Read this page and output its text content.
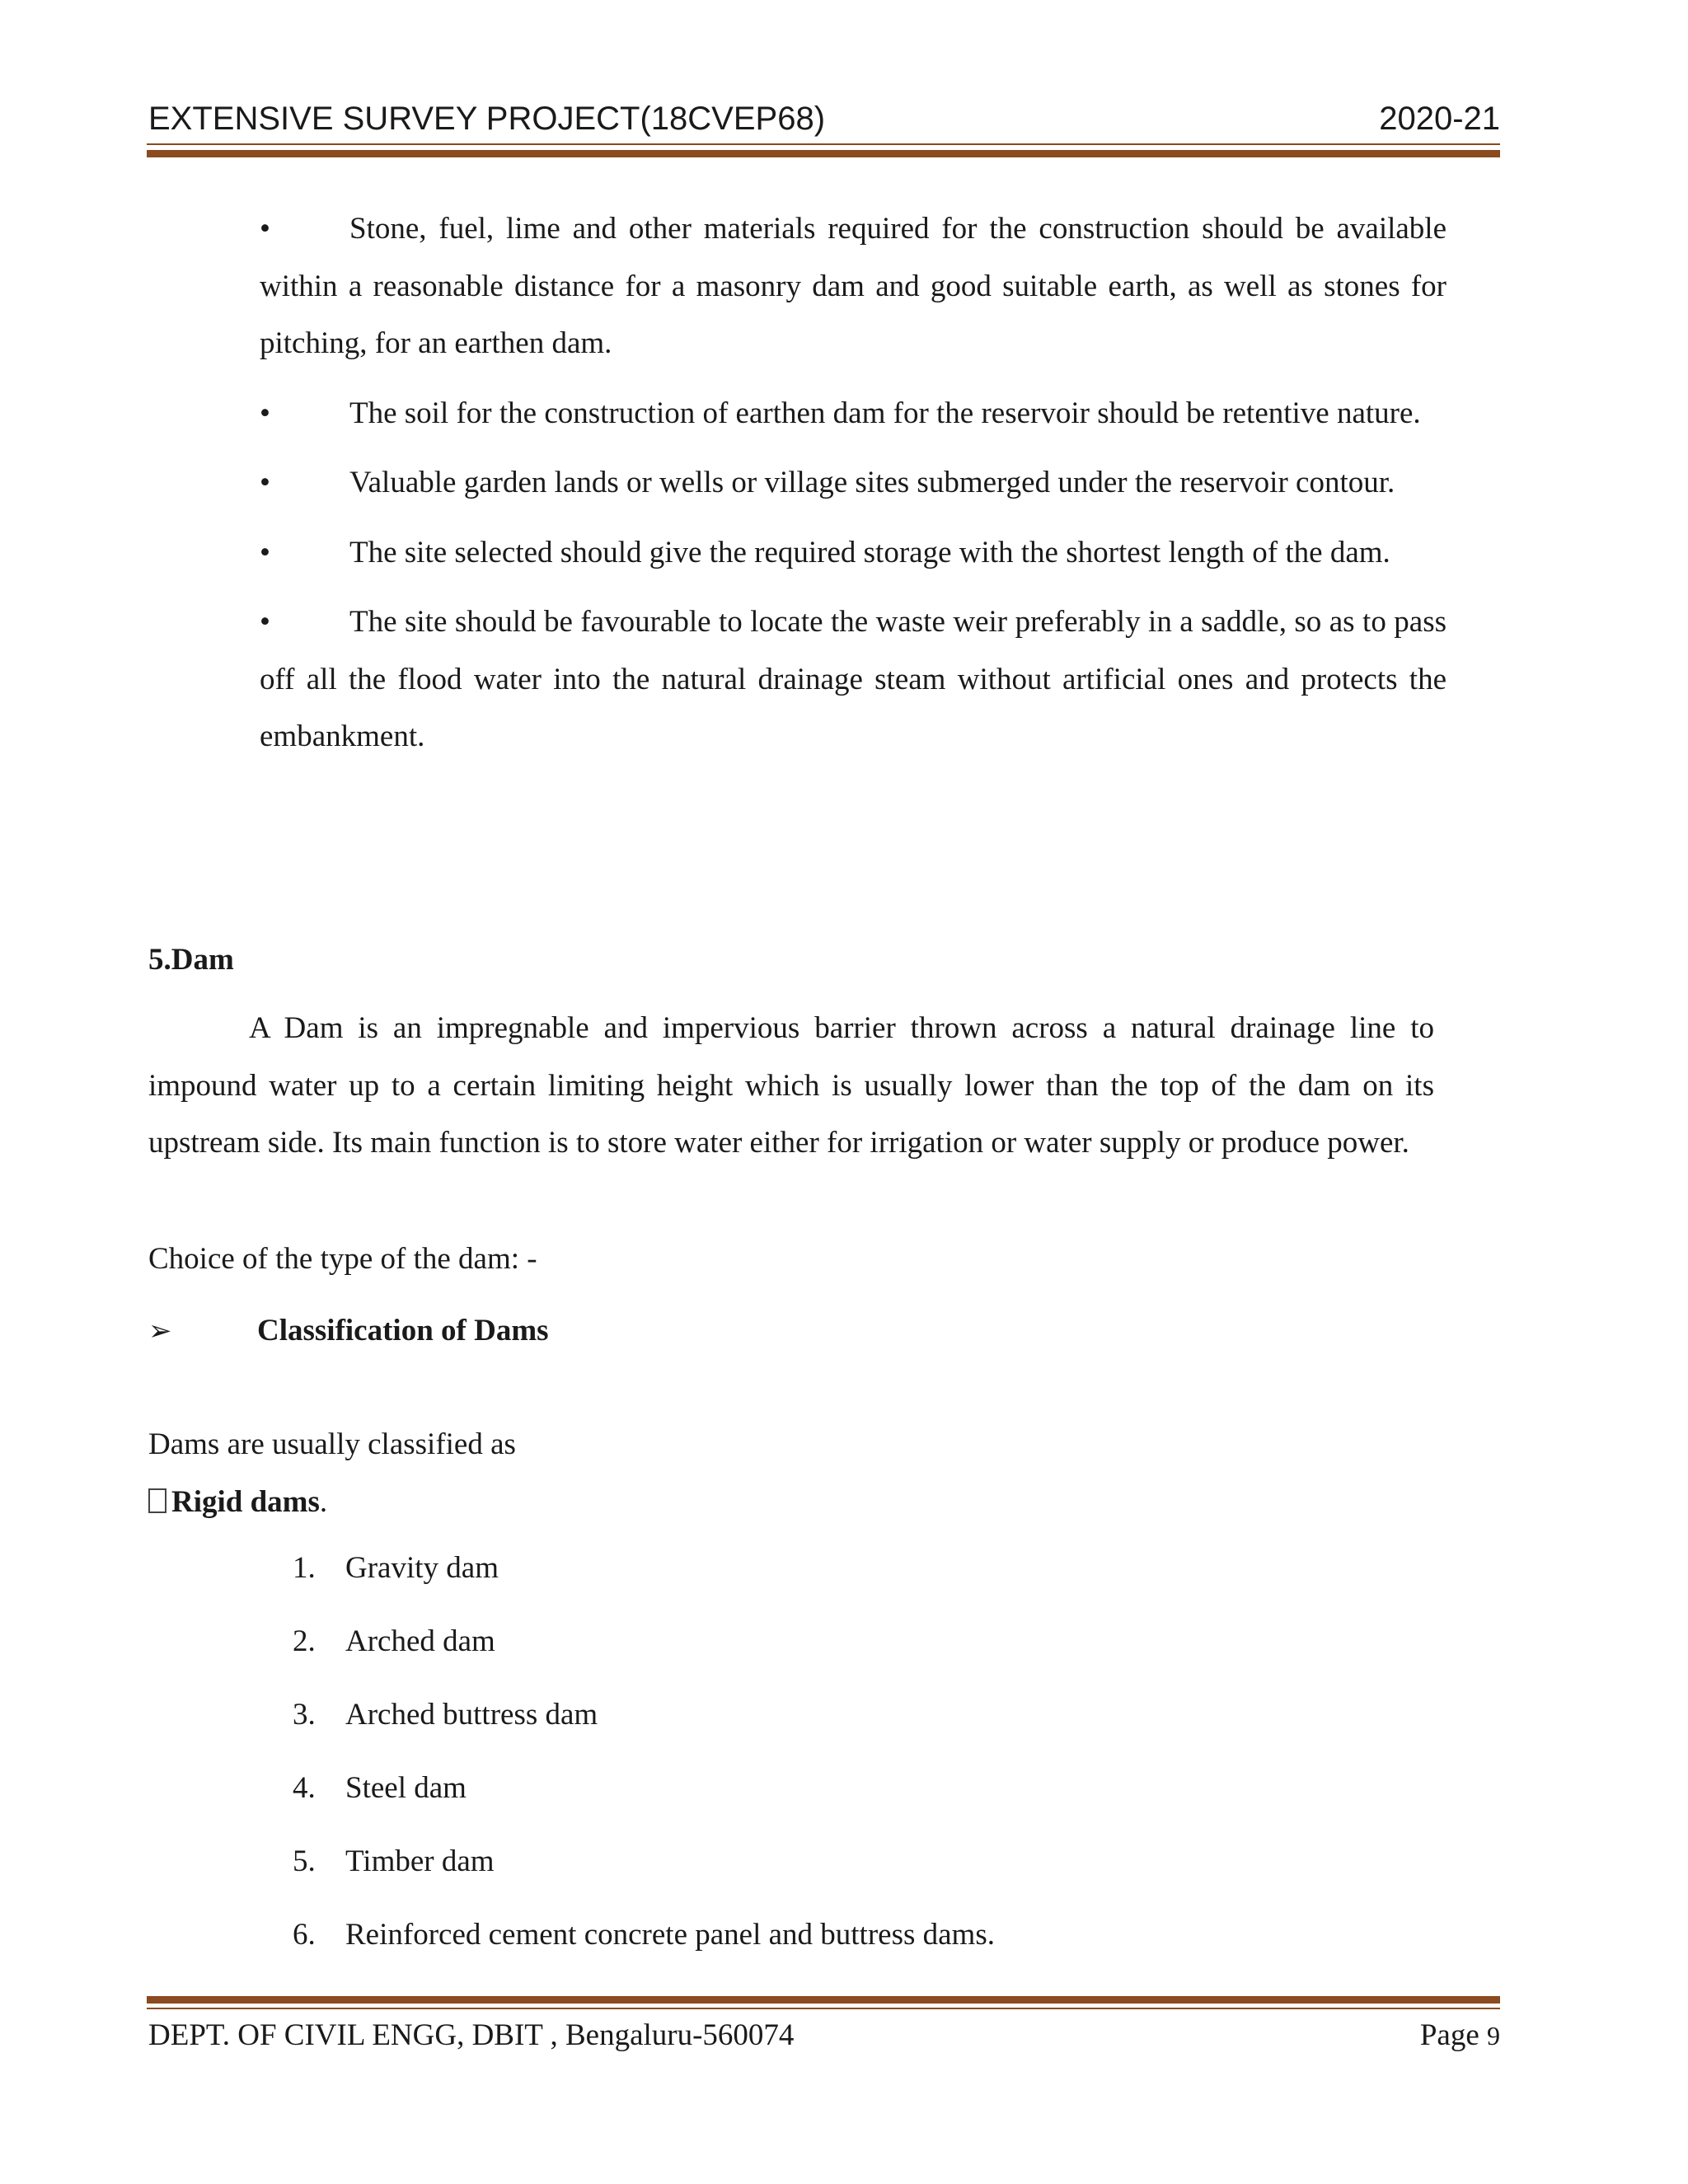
EXTENSIVE SURVEY PROJECT(18CVEP68)	2020-21
•	Stone, fuel, lime and other materials required for the construction should be available within a reasonable distance for a masonry dam and good suitable earth, as well as stones for pitching, for an earthen dam.
•	The soil for the construction of earthen dam for the reservoir should be retentive nature.
•	Valuable garden lands or wells or village sites submerged under the reservoir contour.
•	The site selected should give the required storage with the shortest length of the dam.
•	The site should be favourable to locate the waste weir preferably in a saddle, so as to pass off all the flood water into the natural drainage steam without artificial ones and protects the embankment.
5.Dam
A Dam is an impregnable and impervious barrier thrown across a natural drainage line to impound water up to a certain limiting height which is usually lower than the top of the dam on its upstream side. Its main function is to store water either for irrigation or water supply or produce power.
Choice of the type of the dam: -
➢	Classification of Dams
Dams are usually classified as
Rigid dams.
1. Gravity dam
2. Arched dam
3. Arched buttress dam
4. Steel dam
5. Timber dam
6. Reinforced cement concrete panel and buttress dams.
DEPT. OF CIVIL ENGG, DBIT , Bengaluru-560074	Page 9
